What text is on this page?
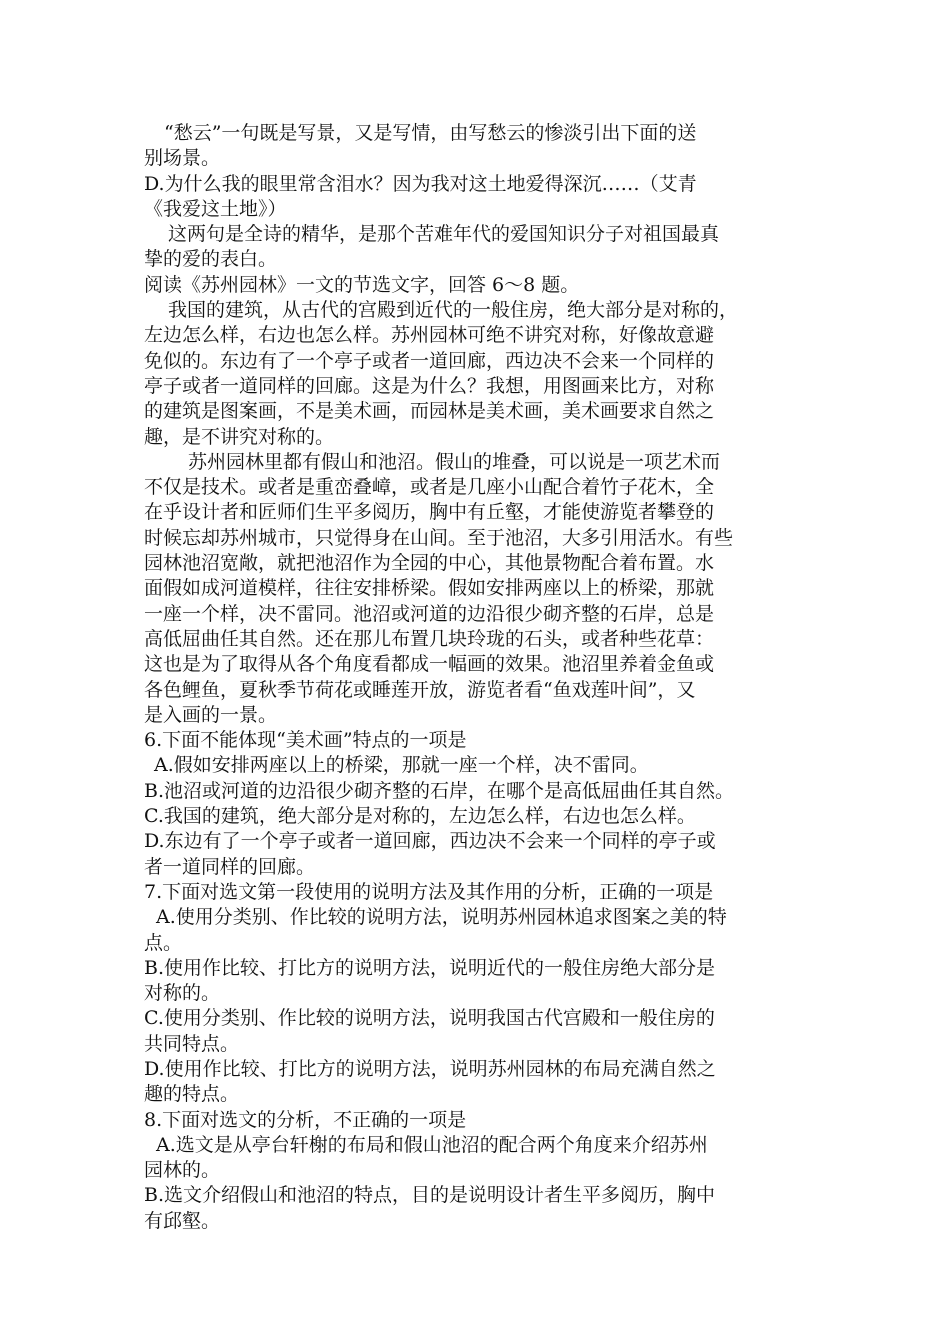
“愁云”一句既是写景，又是写情，由写愁云的惨淡引出下面的送
别场景。
D.为什么我的眼里常含泪水？因为我对这土地爱得深沉……（艾青
《我爱这土地》）
这两句是全诗的精华，是那个苦难年代的爱国知识分子对祖国最真
挚的爱的表白。
阅读《苏州园林》一文的节选文字，回答 6～8 题。
我国的建筑，从古代的宫殿到近代的一般住房，绝大部分是对称的，
左边怎么样，右边也怎么样。苏州园林可绝不讲究对称，好像故意避
免似的。东边有了一个亭子或者一道回廊，西边决不会来一个同样的
亭子或者一道同样的回廊。这是为什么？我想，用图画来比方，对称
的建筑是图案画，不是美术画，而园林是美术画，美术画要求自然之
趣，是不讲究对称的。
苏州园林里都有假山和池沼。假山的堆叠，可以说是一项艺术而
不仅是技术。或者是重峦叠嶂，或者是几座小山配合着竹子花木，全
在乎设计者和匠师们生平多阅历，胸中有丘壑，才能使游览者攀登的
时候忘却苏州城市，只觉得身在山间。至于池沼，大多引用活水。有些
园林池沼宽敞，就把池沼作为全园的中心，其他景物配合着布置。水
面假如成河道模样，往往安排桥梁。假如安排两座以上的桥梁，那就
一座一个样，决不雷同。池沼或河道的边沿很少砌齐整的石岸，总是
高低屈曲任其自然。还在那儿布置几块玲珑的石头，或者种些花草：
这也是为了取得从各个角度看都成一幅画的效果。池沼里养着金鱼或
各色鲤鱼，夏秋季节荷花或睡莲开放，游览者看“鱼戏莲叶间”，又
是入画的一景。
6.下面不能体现“美术画”特点的一项是
A.假如安排两座以上的桥梁，那就一座一个样，决不雷同。
B.池沼或河道的边沿很少砌齐整的石岸，在哪个是高低屈曲任其自然。
C.我国的建筑，绝大部分是对称的，左边怎么样，右边也怎么样。
D.东边有了一个亭子或者一道回廊，西边决不会来一个同样的亭子或
者一道同样的回廊。
7.下面对选文第一段使用的说明方法及其作用的分析，正确的一项是
A.使用分类别、作比较的说明方法，说明苏州园林追求图案之美的特
点。
B.使用作比较、打比方的说明方法，说明近代的一般住房绝大部分是
对称的。
C.使用分类别、作比较的说明方法，说明我国古代宫殿和一般住房的
共同特点。
D.使用作比较、打比方的说明方法，说明苏州园林的布局充满自然之
趣的特点。
8.下面对选文的分析，不正确的一项是
A.选文是从亭台轩榭的布局和假山池沼的配合两个角度来介绍苏州
园林的。
B.选文介绍假山和池沼的特点，目的是说明设计者生平多阅历，胸中
有邱壑。
